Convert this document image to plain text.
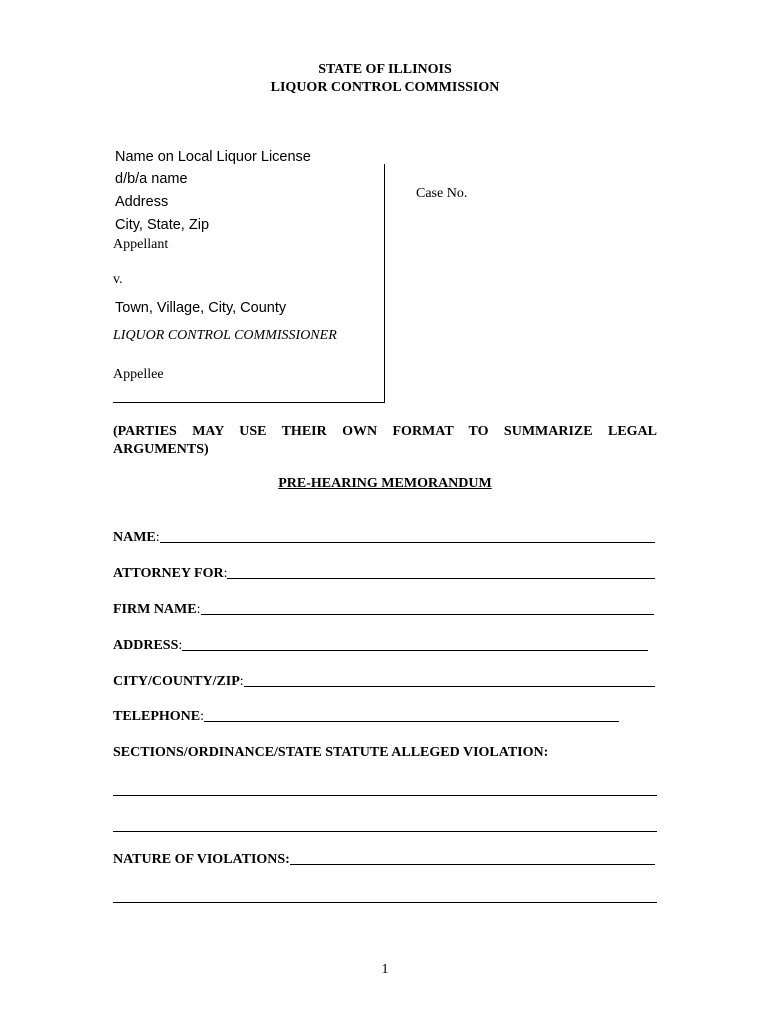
STATE OF ILLINOIS
LIQUOR CONTROL COMMISSION
Name on Local Liquor License
d/b/a name
Address
City, State, Zip
Appellant
v.
Town, Village, City, County
LIQUOR CONTROL COMMISSIONER
Appellee
Case No.
(PARTIES MAY USE THEIR OWN FORMAT TO SUMMARIZE LEGAL
ARGUMENTS)
PRE-HEARING MEMORANDUM
NAME :
ATTORNEY FOR :
FIRM NAME :
ADDRESS :
CITY/COUNTY/ZIP :
TELEPHONE :
SECTIONS/ORDINANCE/STATE STATUTE ALLEGED VIOLATION:
NATURE OF VIOLATIONS:
1
